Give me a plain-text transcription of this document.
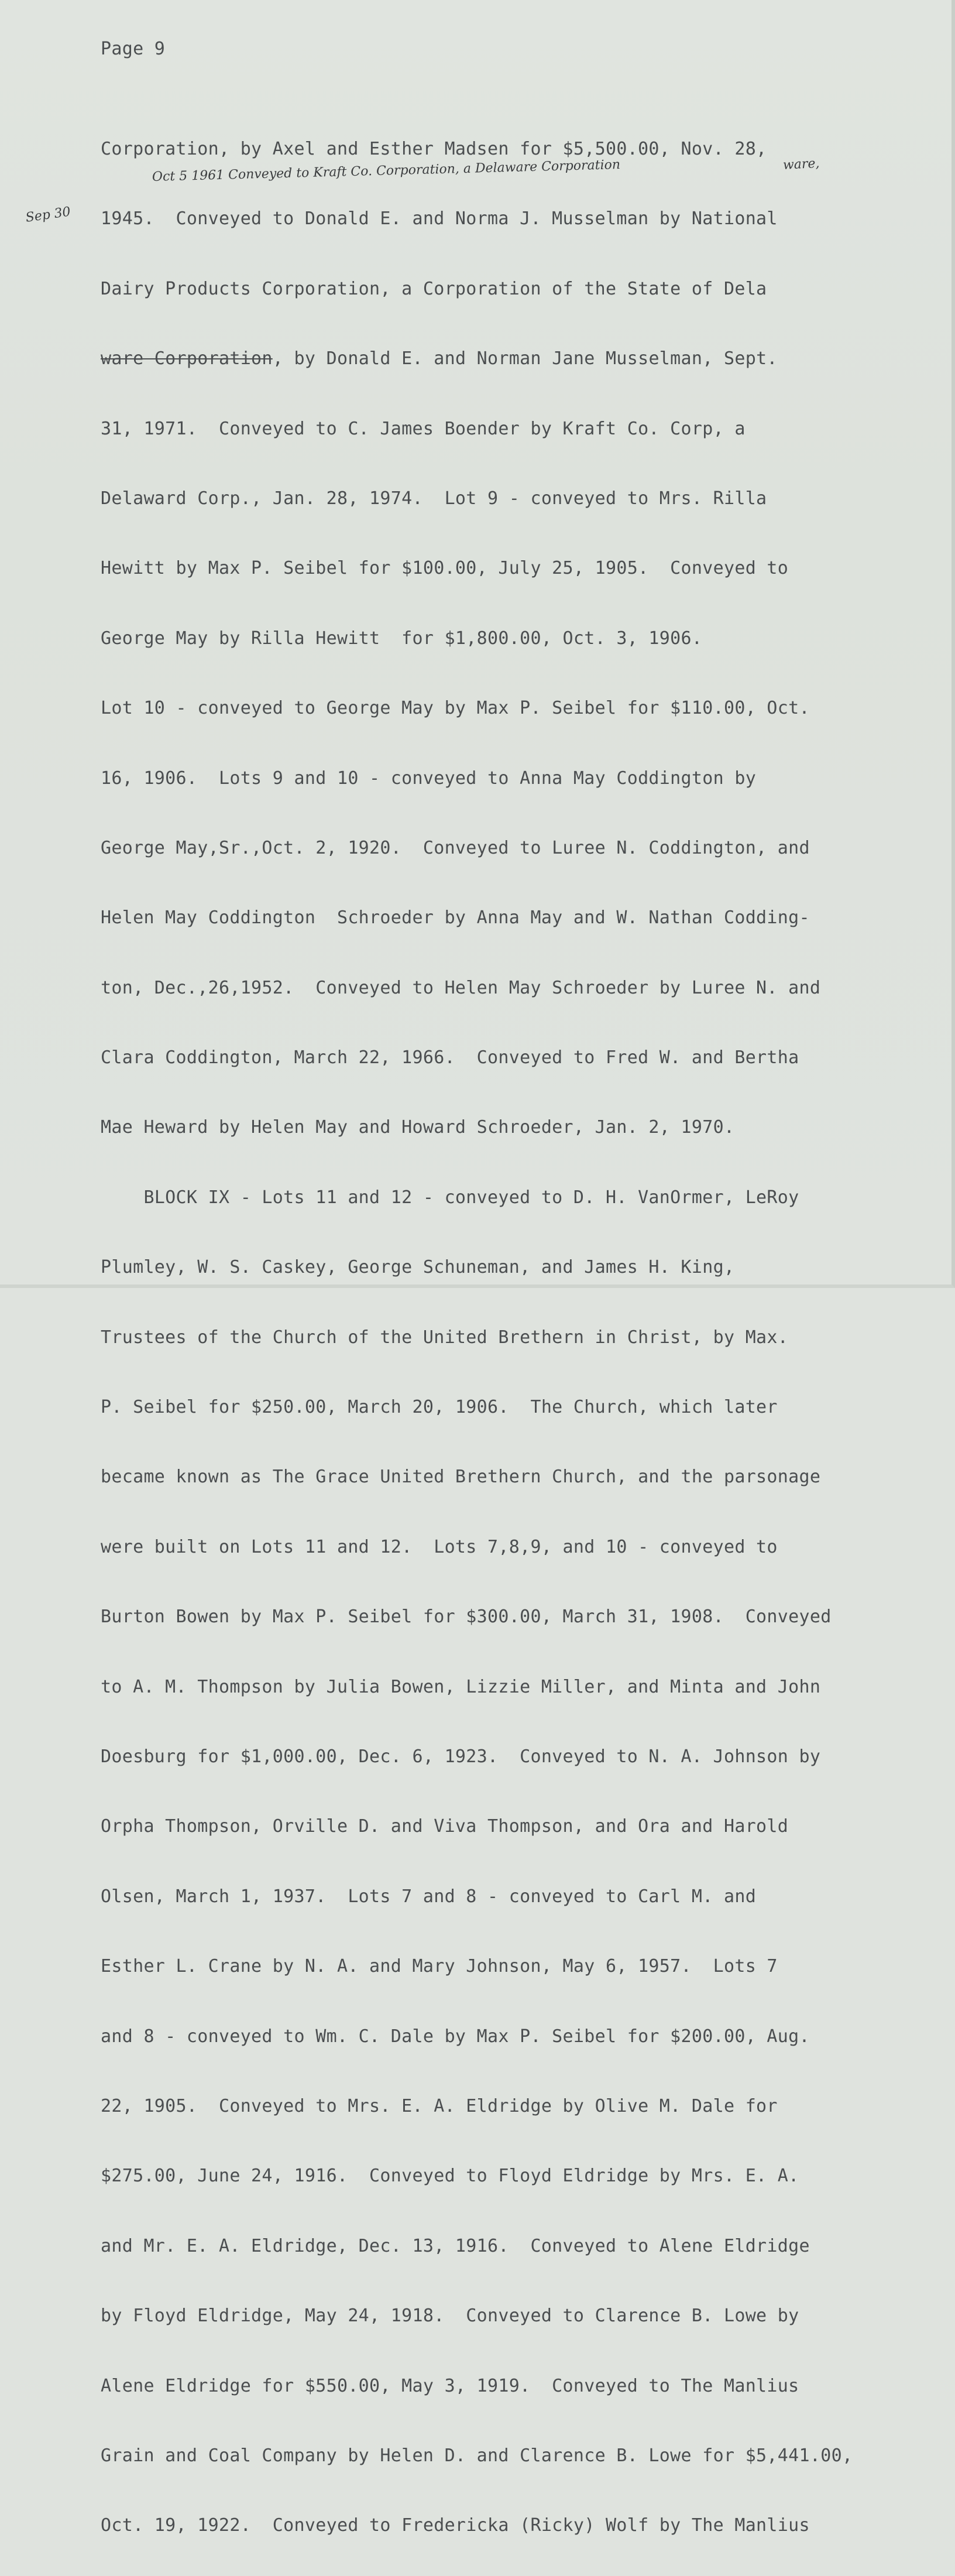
Page 9
Sep 30
ware,
Oct 5 1961 Conveyed to Kraft Co. Corporation, a Delaware Corporation

Corporation, by Axel and Esther Madsen for $5,500.00, Nov. 28,

1945.  Conveyed to Donald E. and Norma J. Musselman by National

Dairy Products Corporation, a Corporation of the State of Dela

ware Corporation, by Donald E. and Norman Jane Musselman, Sept.

31, 1971.  Conveyed to C. James Boender by Kraft Co. Corp, a

Delaward Corp., Jan. 28, 1974.  Lot 9 - conveyed to Mrs. Rilla

Hewitt by Max P. Seibel for $100.00, July 25, 1905.  Conveyed to

George May by Rilla Hewitt  for $1,800.00, Oct. 3, 1906.

Lot 10 - conveyed to George May by Max P. Seibel for $110.00, Oct.

16, 1906.  Lots 9 and 10 - conveyed to Anna May Coddington by

George May,Sr.,Oct. 2, 1920.  Conveyed to Luree N. Coddington, and

Helen May Coddington  Schroeder by Anna May and W. Nathan Codding-

ton, Dec.,26,1952.  Conveyed to Helen May Schroeder by Luree N. and

Clara Coddington, March 22, 1966.  Conveyed to Fred W. and Bertha

Mae Heward by Helen May and Howard Schroeder, Jan. 2, 1970.

BLOCK IX - Lots 11 and 12 - conveyed to D. H. VanOrmer, LeRoy

Plumley, W. S. Caskey, George Schuneman, and James H. King,

Trustees of the Church of the United Brethern in Christ, by Max.

P. Seibel for $250.00, March 20, 1906.  The Church, which later

became known as The Grace United Brethern Church, and the parsonage

were built on Lots 11 and 12.  Lots 7,8,9, and 10 - conveyed to

Burton Bowen by Max P. Seibel for $300.00, March 31, 1908.  Conveyed

to A. M. Thompson by Julia Bowen, Lizzie Miller, and Minta and John

Doesburg for $1,000.00, Dec. 6, 1923.  Conveyed to N. A. Johnson by

Orpha Thompson, Orville D. and Viva Thompson, and Ora and Harold

Olsen, March 1, 1937.  Lots 7 and 8 - conveyed to Carl M. and

Esther L. Crane by N. A. and Mary Johnson, May 6, 1957.  Lots 7

and 8 - conveyed to Wm. C. Dale by Max P. Seibel for $200.00, Aug.

22, 1905.  Conveyed to Mrs. E. A. Eldridge by Olive M. Dale for

$275.00, June 24, 1916.  Conveyed to Floyd Eldridge by Mrs. E. A.

and Mr. E. A. Eldridge, Dec. 13, 1916.  Conveyed to Alene Eldridge

by Floyd Eldridge, May 24, 1918.  Conveyed to Clarence B. Lowe by

Alene Eldridge for $550.00, May 3, 1919.  Conveyed to The Manlius

Grain and Coal Company by Helen D. and Clarence B. Lowe for $5,441.00,

Oct. 19, 1922.  Conveyed to Fredericka (Ricky) Wolf by The Manlius
